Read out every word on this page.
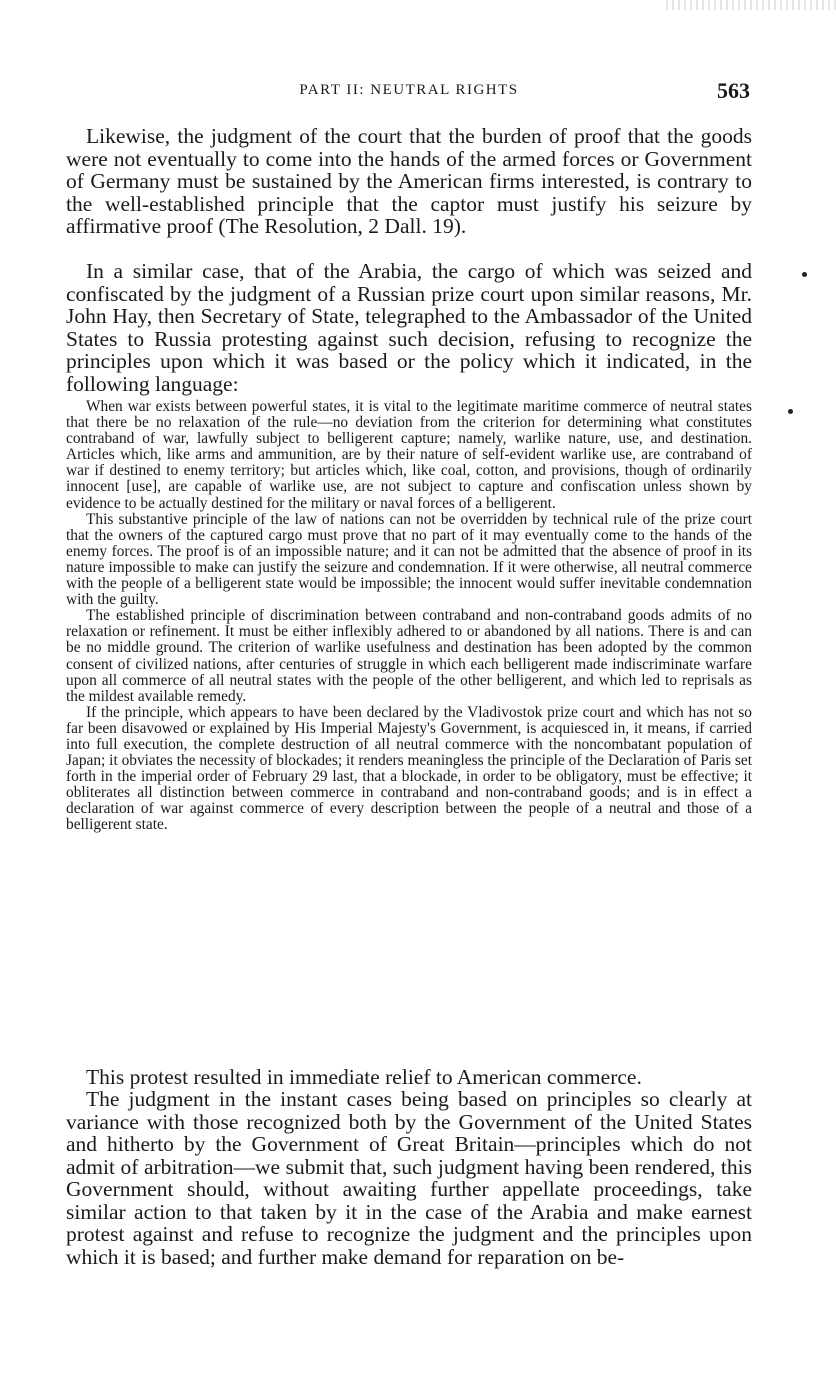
PART II: NEUTRAL RIGHTS	563

Likewise, the judgment of the court that the burden of proof that the goods were not eventually to come into the hands of the armed forces or Government of Germany must be sustained by the American firms interested, is contrary to the well-established principle that the captor must justify his seizure by affirmative proof (The Resolution, 2 Dall. 19).

In a similar case, that of the Arabia, the cargo of which was seized and confiscated by the judgment of a Russian prize court upon similar reasons, Mr. John Hay, then Secretary of State, telegraphed to the Ambassador of the United States to Russia protesting against such decision, refusing to recognize the principles upon which it was based or the policy which it indicated, in the following language:

When war exists between powerful states, it is vital to the legitimate maritime commerce of neutral states that there be no relaxation of the rule—no deviation from the criterion for determining what constitutes contraband of war, lawfully subject to belligerent capture; namely, warlike nature, use, and destination. Articles which, like arms and ammunition, are by their nature of self-evident warlike use, are contraband of war if destined to enemy territory; but articles which, like coal, cotton, and provisions, though of ordinarily innocent [use], are capable of warlike use, are not subject to capture and confiscation unless shown by evidence to be actually destined for the military or naval forces of a belligerent.

This substantive principle of the law of nations can not be overridden by technical rule of the prize court that the owners of the captured cargo must prove that no part of it may eventually come to the hands of the enemy forces. The proof is of an impossible nature; and it can not be admitted that the absence of proof in its nature impossible to make can justify the seizure and condemnation. If it were otherwise, all neutral commerce with the people of a belligerent state would be impossible; the innocent would suffer inevitable condemnation with the guilty.

The established principle of discrimination between contraband and non-contraband goods admits of no relaxation or refinement. It must be either inflexibly adhered to or abandoned by all nations. There is and can be no middle ground. The criterion of warlike usefulness and destination has been adopted by the common consent of civilized nations, after centuries of struggle in which each belligerent made indiscriminate warfare upon all commerce of all neutral states with the people of the other belligerent, and which led to reprisals as the mildest available remedy.

If the principle, which appears to have been declared by the Vladivostok prize court and which has not so far been disavowed or explained by His Imperial Majesty's Government, is acquiesced in, it means, if carried into full execution, the complete destruction of all neutral commerce with the noncombatant population of Japan; it obviates the necessity of blockades; it renders meaningless the principle of the Declaration of Paris set forth in the imperial order of February 29 last, that a blockade, in order to be obligatory, must be effective; it obliterates all distinction between commerce in contraband and non-contraband goods; and is in effect a declaration of war against commerce of every description between the people of a neutral and those of a belligerent state.

This protest resulted in immediate relief to American commerce.

The judgment in the instant cases being based on principles so clearly at variance with those recognized both by the Government of the United States and hitherto by the Government of Great Britain—principles which do not admit of arbitration—we submit that, such judgment having been rendered, this Government should, without awaiting further appellate proceedings, take similar action to that taken by it in the case of the Arabia and make earnest protest against and refuse to recognize the judgment and the principles upon which it is based; and further make demand for reparation on be-
